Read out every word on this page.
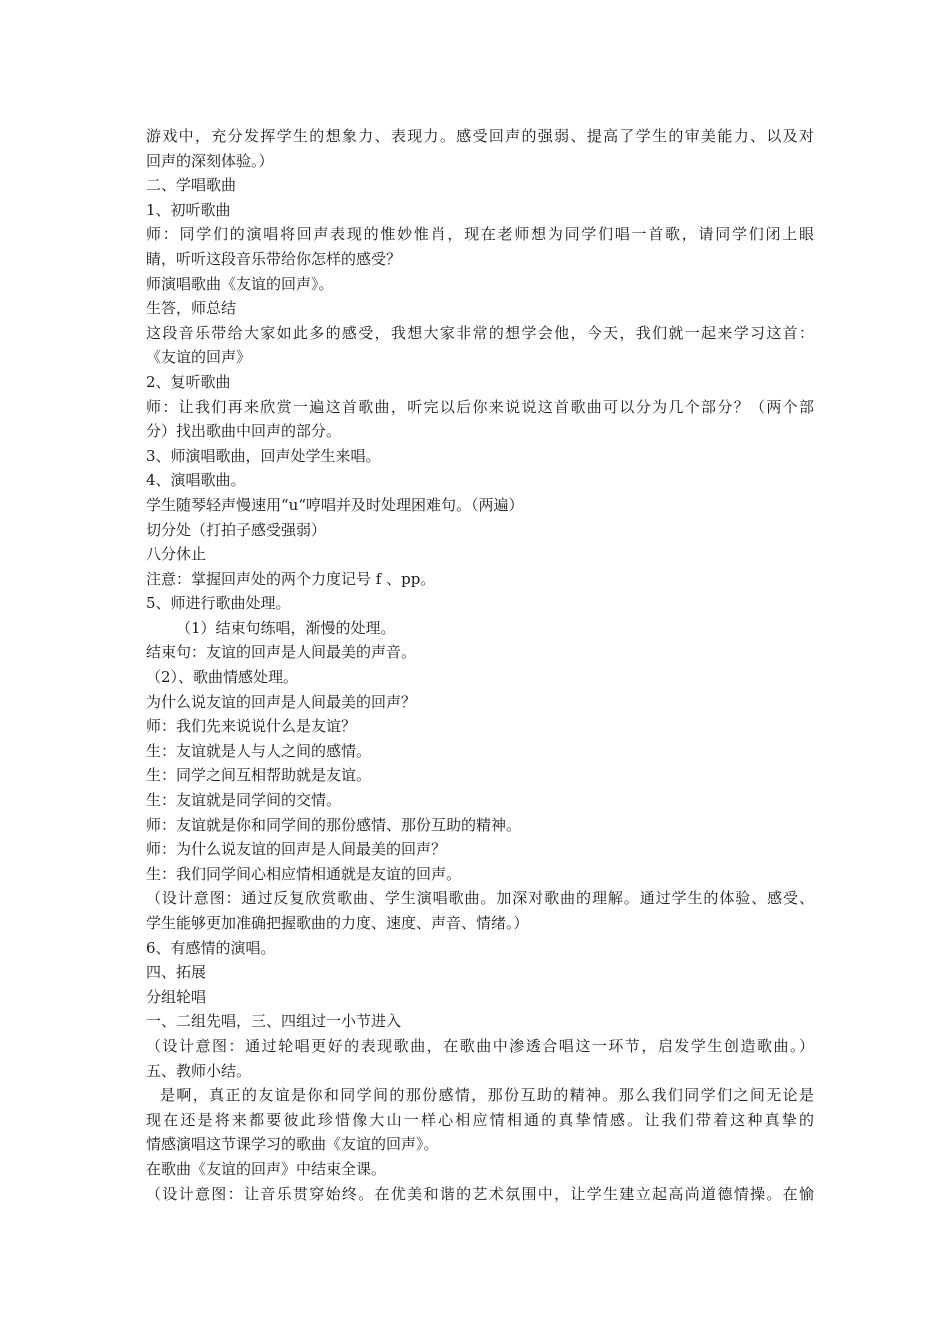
游戏中，充分发挥学生的想象力、表现力。感受回声的强弱、提高了学生的审美能力、以及对
回声的深刻体验。）
二、学唱歌曲
1、初听歌曲
师：同学们的演唱将回声表现的惟妙惟肖，现在老师想为同学们唱一首歌，请同学们闭上眼
睛，听听这段音乐带给你怎样的感受？
师演唱歌曲《友谊的回声》。
生答，师总结
这段音乐带给大家如此多的感受，我想大家非常的想学会他，今天，我们就一起来学习这首：
《友谊的回声》
2、复听歌曲
师：让我们再来欣赏一遍这首歌曲，听完以后你来说说这首歌曲可以分为几个部分？（两个部
分）找出歌曲中回声的部分。
3、师演唱歌曲，回声处学生来唱。
4、演唱歌曲。
学生随琴轻声慢速用“u“哼唱并及时处理困难句。（两遍）
切分处（打拍子感受强弱）
八分休止
注意：掌握回声处的两个力度记号 f 、pp。
5、师进行歌曲处理。
（1）结束句练唱，渐慢的处理。
结束句：友谊的回声是人间最美的声音。
（2）、歌曲情感处理。
为什么说友谊的回声是人间最美的回声？
师：我们先来说说什么是友谊？
生：友谊就是人与人之间的感情。
生：同学之间互相帮助就是友谊。
生：友谊就是同学间的交情。
师：友谊就是你和同学间的那份感情、那份互助的精神。
师：为什么说友谊的回声是人间最美的回声？
生：我们同学间心相应情相通就是友谊的回声。
（设计意图：通过反复欣赏歌曲、学生演唱歌曲。加深对歌曲的理解。通过学生的体验、感受、
学生能够更加准确把握歌曲的力度、速度、声音、情绪。）
6、有感情的演唱。
四、拓展
分组轮唱
一、二组先唱，三、四组过一小节进入
（设计意图：通过轮唱更好的表现歌曲，在歌曲中渗透合唱这一环节，启发学生创造歌曲。）
五、教师小结。
是啊，真正的友谊是你和同学间的那份感情，那份互助的精神。那么我们同学们之间无论是
现在还是将来都要彼此珍惜像大山一样心相应情相通的真挚情感。让我们带着这种真挚的
情感演唱这节课学习的歌曲《友谊的回声》。
在歌曲《友谊的回声》中结束全课。
（设计意图：让音乐贯穿始终。在优美和谐的艺术氛围中，让学生建立起高尚道德情操。在愉
